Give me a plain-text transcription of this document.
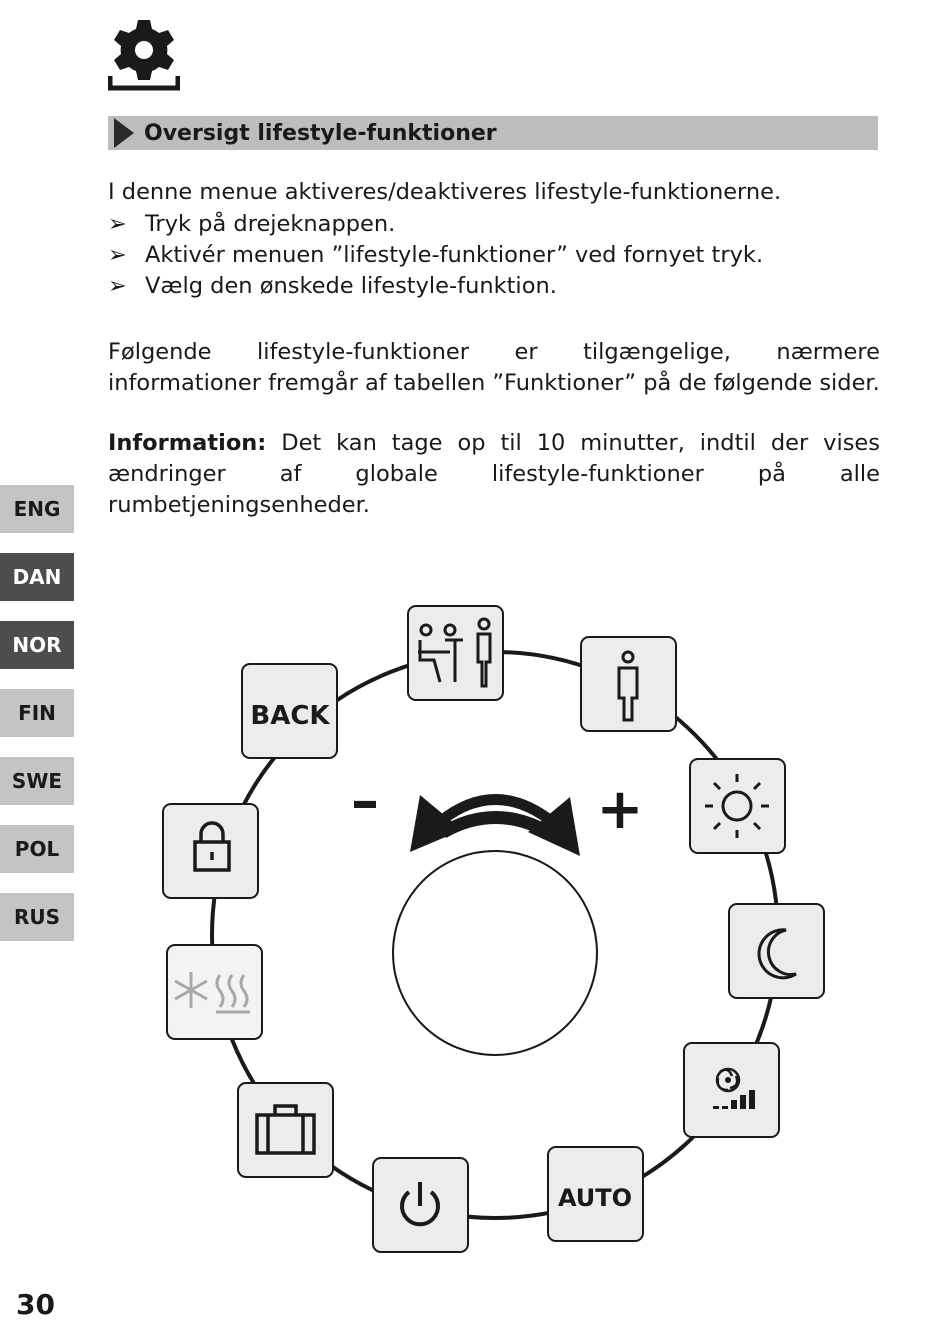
Oversigt lifestyle-funktioner
I denne menue aktiveres/deaktiveres lifestyle-funktionerne.
➢ Tryk på drejeknappen.
➢ Aktivér menuen ”lifestyle-funktioner” ved fornyet tryk.
➢ Vælg den ønskede lifestyle-funktion.
Følgende lifestyle-funktioner er tilgængelige, nærmere informationer fremgår af tabellen ”Funktioner” på de følgende sider.
Information: Det kan tage op til 10 minutter, indtil der vises ændringer af globale lifestyle-funktioner på alle rumbetjeningsenheder.
ENG
DAN
NOR
FIN
SWE
POL
RUS
–	+
AUTO
BACK
30
